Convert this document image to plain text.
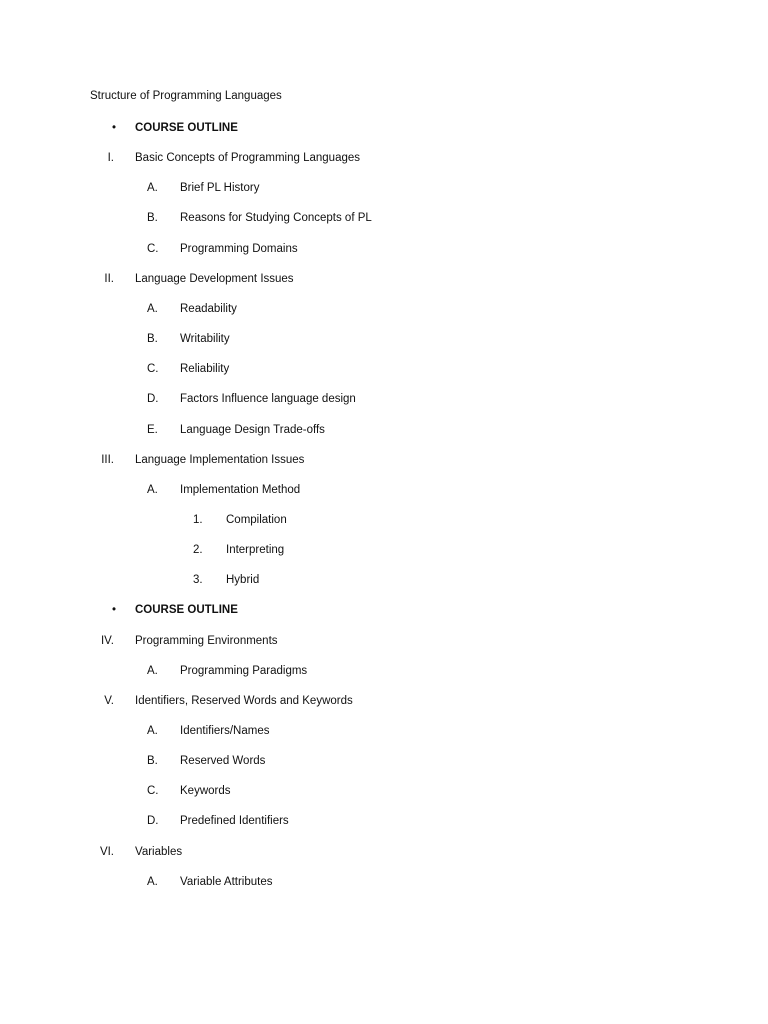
Structure of Programming Languages
• COURSE OUTLINE
I. Basic Concepts of Programming Languages
A. Brief PL History
B. Reasons for Studying Concepts of PL
C. Programming Domains
II. Language Development Issues
A. Readability
B. Writability
C. Reliability
D. Factors Influence language design
E. Language Design Trade-offs
III. Language Implementation Issues
A. Implementation Method
1. Compilation
2. Interpreting
3. Hybrid
• COURSE OUTLINE
IV. Programming Environments
A. Programming Paradigms
V. Identifiers, Reserved Words and Keywords
A. Identifiers/Names
B. Reserved Words
C. Keywords
D. Predefined Identifiers
VI. Variables
A. Variable Attributes
